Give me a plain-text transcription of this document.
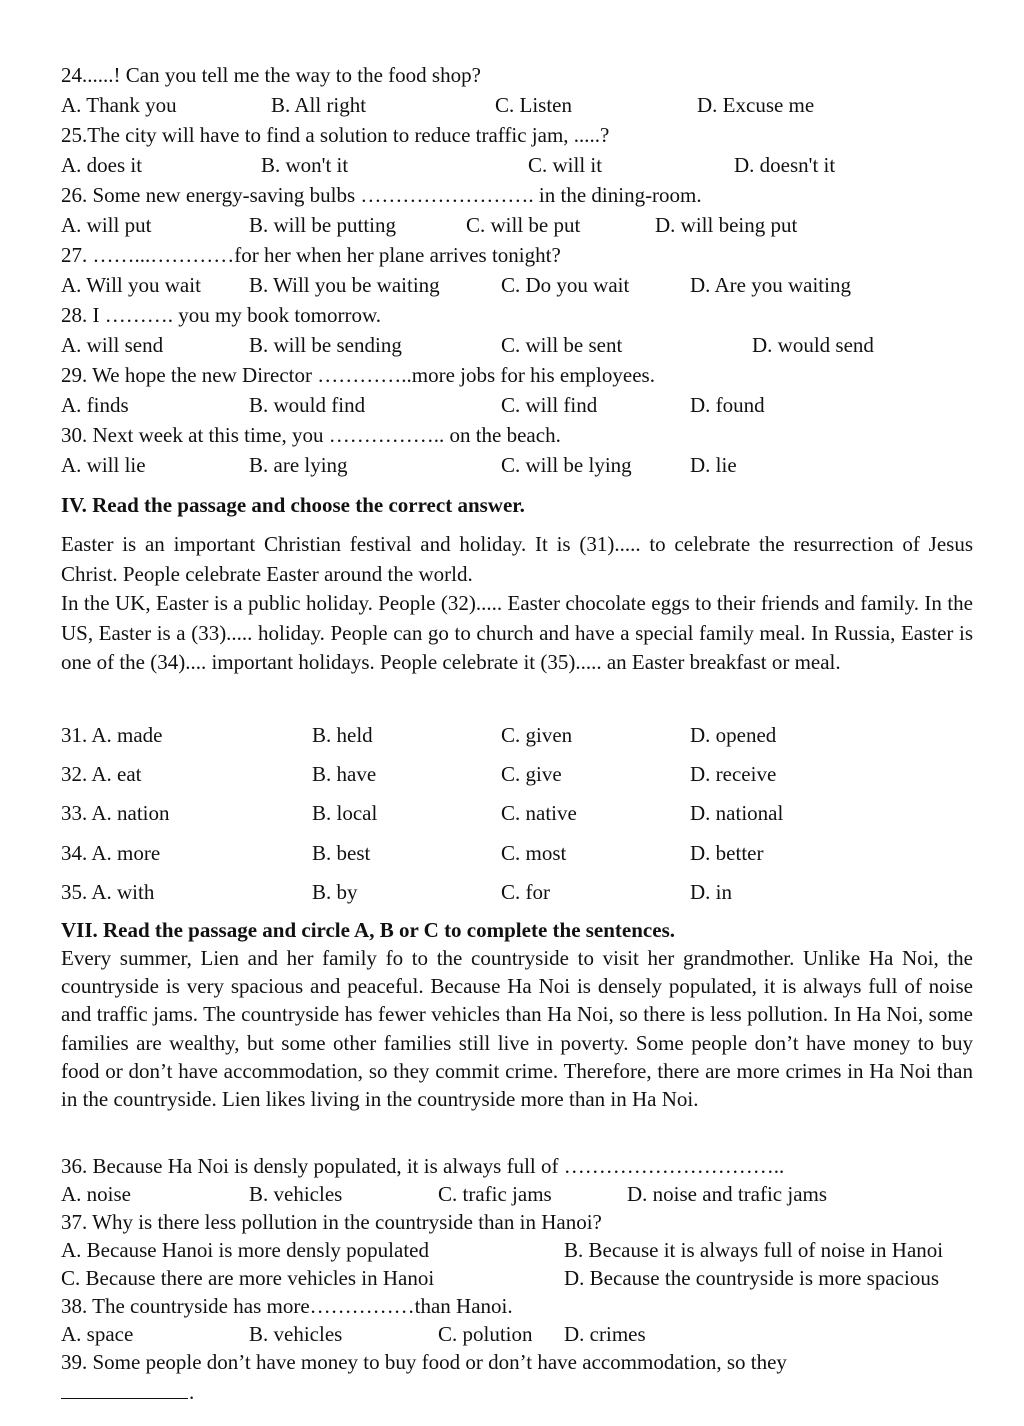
24......! Can you tell me the way to the food shop?
A. Thank you	B. All right	C. Listen	D. Excuse me
25.The city will have to find a solution to reduce traffic jam, .....?
A. does it	B. won't it	C. will it	D. doesn't it
26. Some new energy-saving bulbs ……………………. in the dining-room.
A. will put	B. will be putting	C. will be put	D. will being put
27. ……...…………for her when her plane arrives tonight?
A. Will you wait B. Will you be waiting	C. Do you wait	D. Are you waiting
28. I ………. you my book tomorrow.
A. will send	B. will be sending	C. will be sent	D. would send
29. We hope the new Director …………..more jobs for his employees.
A. finds	B. would find	C. will find	D. found
30. Next week at this time, you …………….. on the beach.
A. will lie	B. are lying	C. will be lying	D. lie
IV. Read the passage and choose the correct answer.

Easter is an important Christian festival and holiday. It is (31)..... to celebrate the resurrection of Jesus Christ. People celebrate Easter around the world.

In the UK, Easter is a public holiday. People (32)..... Easter chocolate eggs to their friends and family. In the US, Easter is a (33)..... holiday. People can go to church and have a special family meal. In Russia, Easter is one of the (34).... important holidays. People celebrate it (35)..... an Easter breakfast or meal.

31. A. made	B. held	C. given	D. opened
32. A. eat	B. have	C. give	D. receive
33. A. nation	B. local	C. native	D. national
34. A. more	B. best	C. most	D. better
35. A. with	B. by	C. for	D. in
VII. Read the passage and circle A, B or C to complete the sentences.

Every summer, Lien and her family fo to the countryside to visit her grandmother. Unlike Ha Noi, the countryside is very spacious and peaceful. Because Ha Noi is densely populated, it is always full of noise and traffic jams. The countryside has fewer vehicles than Ha Noi, so there is less pollution. In Ha Noi, some families are wealthy, but some other families still live in poverty. Some people don’t have money to buy food or don’t have accommodation, so they commit crime. Therefore, there are more crimes in Ha Noi than in the countryside. Lien likes living in the countryside more than in Ha Noi.

36. Because Ha Noi is densly populated, it is always full of …………………………..
A. noise	B. vehicles	C. trafic jams	D. noise and trafic jams
37. Why is there less pollution in the countryside than in Hanoi?
A. Because Hanoi is more densly populated	B. Because it is always full of noise in Hanoi
C. Because there are more vehicles in Hanoi	D. Because the countryside is more spacious
38. The countryside has more……………than Hanoi.
A. space	B. vehicles	C. polution D. crimes
39. Some people don’t have money to buy food or don’t have accommodation, so they
.
